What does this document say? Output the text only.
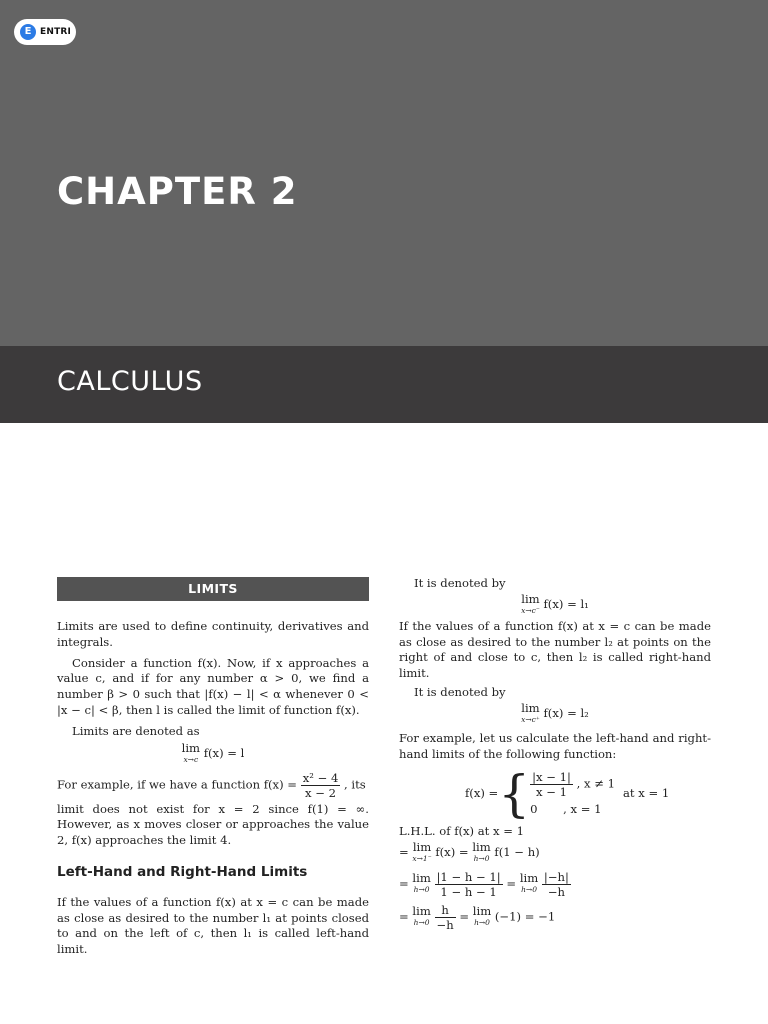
E ENTRI
CHAPTER 2
CALCULUS
LIMITS

Limits are used to define continuity, derivatives and integrals.

Consider a function f(x). Now, if x approaches a value c, and if for any number α > 0, we find a number β > 0 such that |f(x) − l| < α whenever 0 < |x − c| < β, then l is called the limit of function f(x).

Limits are denoted as

lim
x→c f(x) = l

For example, if we have a function $f(x) = \frac{\text{x² − 4}}{x - 2}$ , its

limit does not exist for x = 2 since f(1) = ∞. However, as x moves closer or approaches the value 2, f(x) approaches the limit 4.

Left-Hand and Right-Hand Limits

If the values of a function f(x) at x = c can be made as close as desired to the number l₁ at points closed to and on the left of c, then l₁ is called left-hand limit.

It is denoted by

lim
x→c⁻ f(x) = l₁

If the values of a function f(x) at x = c can be made as close as desired to the number l₂ at points on the right of and close to c, then l₂ is called right-hand limit.

It is denoted by

lim
x→c⁺ f(x) = l₂

For example, let us calculate the left-hand and right-hand limits of the following function:

f(x) = { $\frac{|x - 1|}{x - 1}$ , x ≠ 1
0 , x = 1
at x = 1

L.H.L. of f(x) at x = 1

= lim
x→1⁻ f(x) = lim
h→0 f(1 − h)

= lim
h→0
$\frac{|1 - h - 1|}{1 - h - 1} = \lim$
h→0
$\frac{|-h|}{-h}$

= lim
h→0
$\frac{h}{-h} = \lim$
h→0 (−1) = −1
